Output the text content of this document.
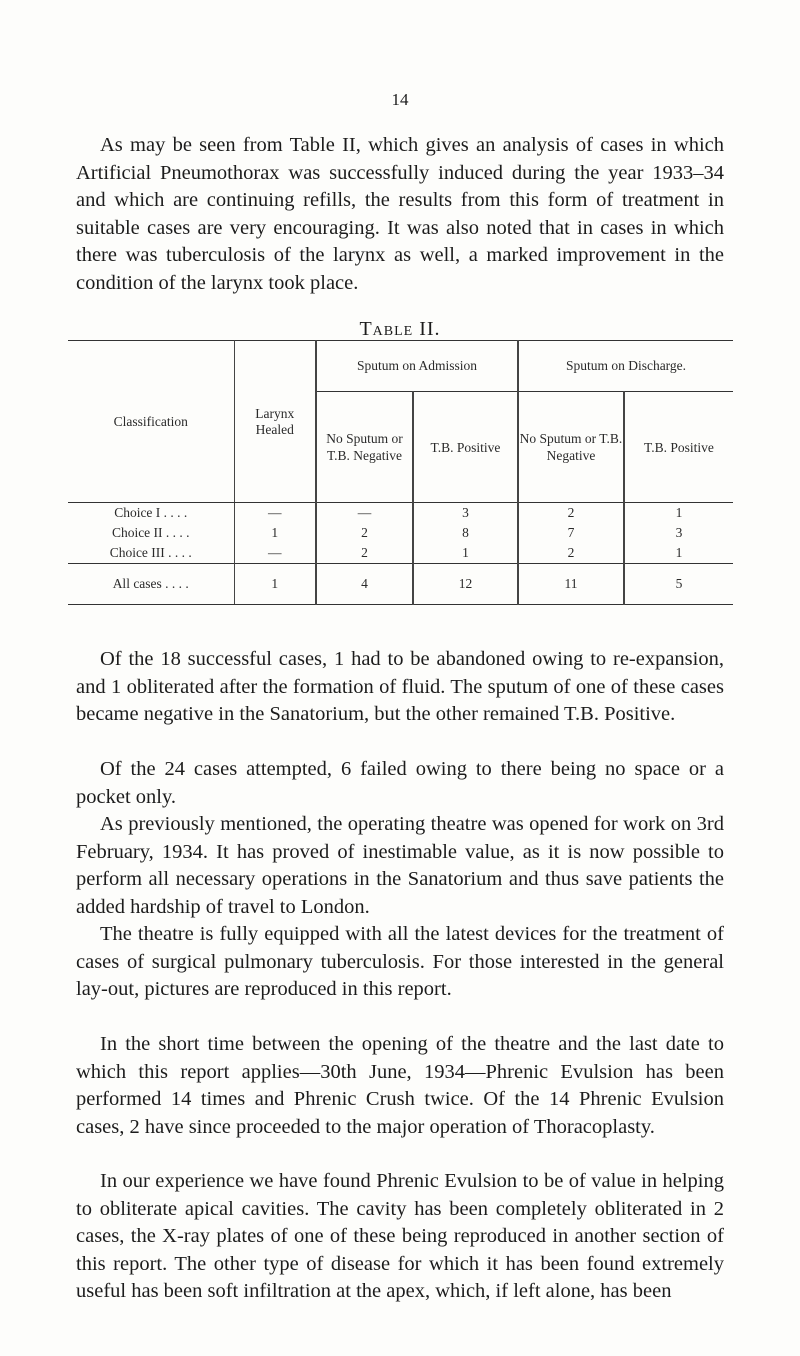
14

As may be seen from Table II, which gives an analysis of cases in which Artificial Pneumothorax was successfully induced during the year 1933–34 and which are continuing refills, the results from this form of treatment in suitable cases are very encouraging. It was also noted that in cases in which there was tuberculosis of the larynx as well, a marked improvement in the condition of the larynx took place.

Table II.
Classification	Larynx Healed	Sputum on Admission		Sputum on Discharge.	
		No Sputum or T.B. Negative	T.B. Positive	No Sputum or T.B. Negative	T.B. Positive
Choice I . . . .	—	—	3	2	1
Choice II . . . .	1	2	8	7	3
Choice III . . . .	—	2	1	2	1
All cases . . . .	1	4	12	11	5

Of the 18 successful cases, 1 had to be abandoned owing to re-expansion, and 1 obliterated after the formation of fluid. The sputum of one of these cases became negative in the Sanatorium, but the other remained T.B. Positive.

Of the 24 cases attempted, 6 failed owing to there being no space or a pocket only.

As previously mentioned, the operating theatre was opened for work on 3rd February, 1934. It has proved of inestimable value, as it is now possible to perform all necessary operations in the Sanatorium and thus save patients the added hardship of travel to London.

The theatre is fully equipped with all the latest devices for the treatment of cases of surgical pulmonary tuberculosis. For those interested in the general lay-out, pictures are reproduced in this report.

In the short time between the opening of the theatre and the last date to which this report applies—30th June, 1934—Phrenic Evulsion has been performed 14 times and Phrenic Crush twice. Of the 14 Phrenic Evulsion cases, 2 have since proceeded to the major operation of Thoracoplasty.

In our experience we have found Phrenic Evulsion to be of value in helping to obliterate apical cavities. The cavity has been completely obliterated in 2 cases, the X-ray plates of one of these being reproduced in another section of this report. The other type of disease for which it has been found extremely useful has been soft infiltration at the apex, which, if left alone, has been
